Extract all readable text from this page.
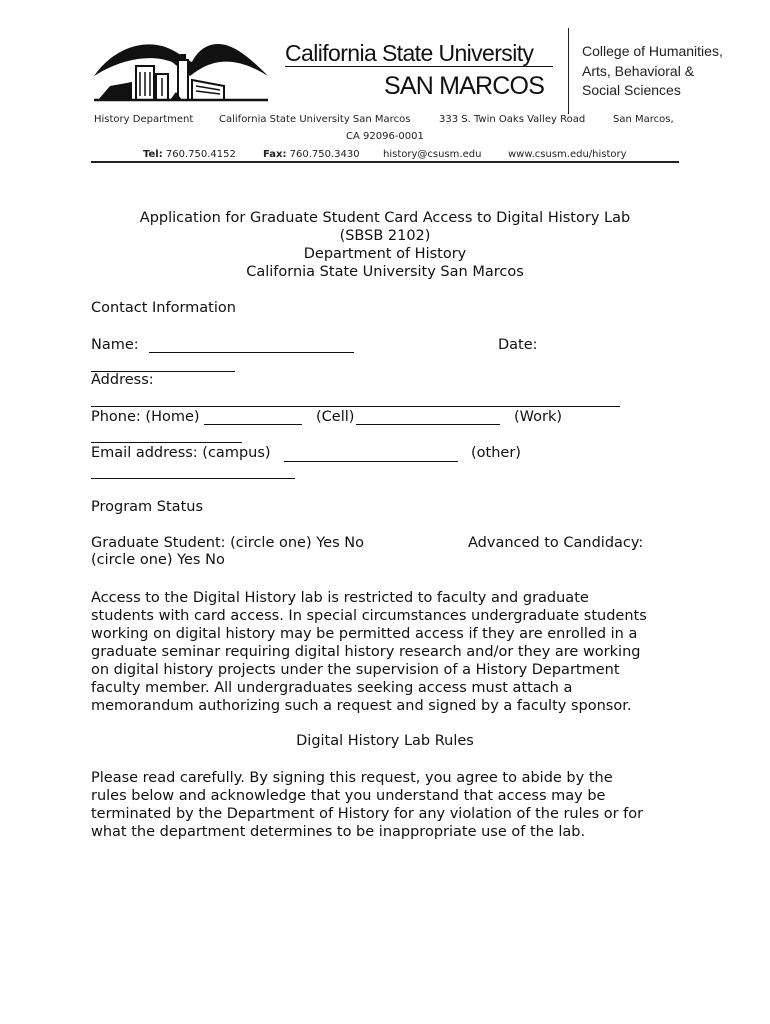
California State University
SAN MARCOS
College of Humanities,
Arts, Behavioral &
Social Sciences
History Department	California State University San Marcos	333 S. Twin Oaks Valley Road	San Marcos,
CA 92096-0001
Tel: 760.750.4152	Fax: 760.750.3430 history@csusm.edu	www.csusm.edu/history
Application for Graduate Student Card Access to Digital History Lab
(SBSB 2102)
Department of History
California State University San Marcos
Contact Information
Name:	Date:
Address:
Phone: (Home)	(Cell)	(Work)
Email address: (campus)	(other)
Program Status
Graduate Student: (circle one) Yes No	Advanced to Candidacy:
(circle one) Yes No
Access to the Digital History lab is restricted to faculty and graduate
students with card access. In special circumstances undergraduate students
working on digital history may be permitted access if they are enrolled in a
graduate seminar requiring digital history research and/or they are working
on digital history projects under the supervision of a History Department
faculty member. All undergraduates seeking access must attach a
memorandum authorizing such a request and signed by a faculty sponsor.
Digital History Lab Rules
Please read carefully. By signing this request, you agree to abide by the
rules below and acknowledge that you understand that access may be
terminated by the Department of History for any violation of the rules or for
what the department determines to be inappropriate use of the lab.
